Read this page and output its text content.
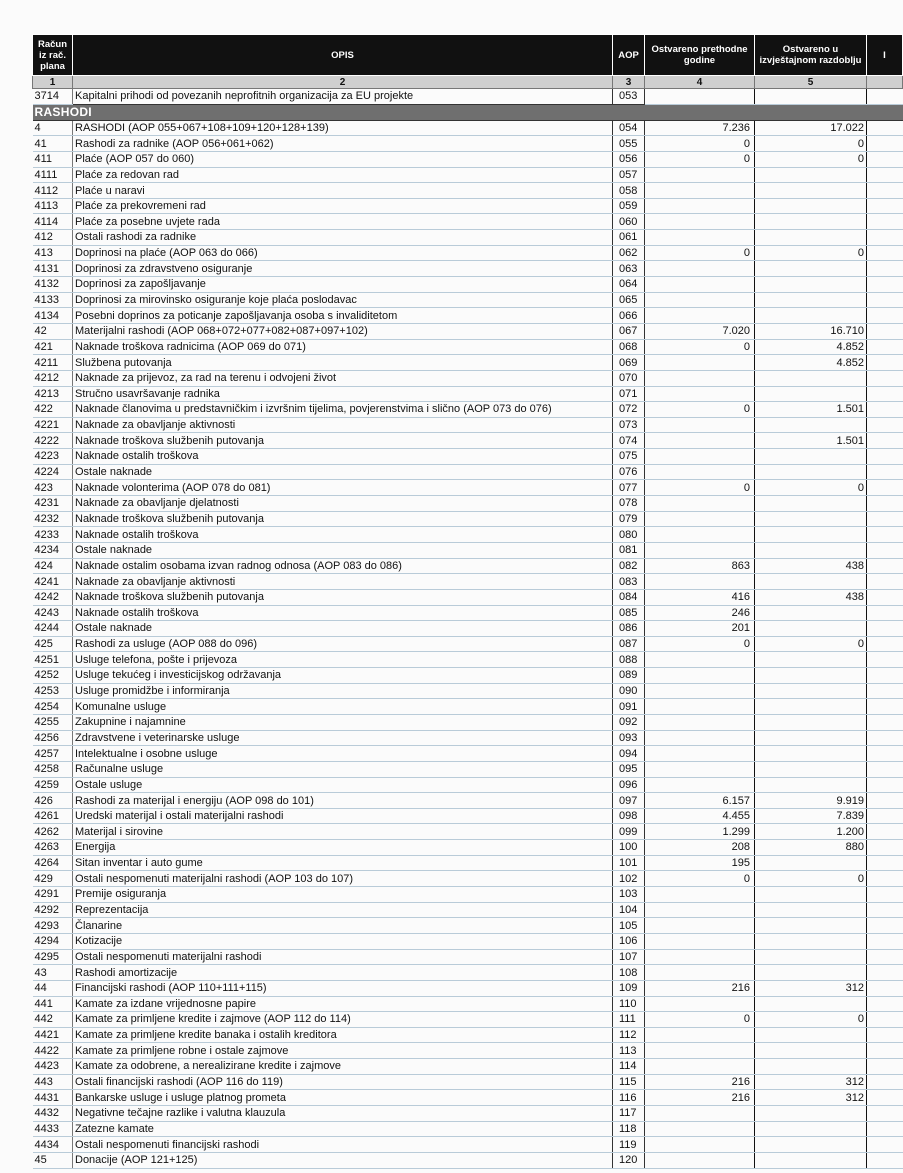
Račun iz rač. plana	OPIS	AOP	Ostvareno prethodne godine	Ostvareno u izvještajnom razdoblju	I
1	2	3	4	5	
3714	Kapitalni prihodi od povezanih neprofitnih organizacija za EU projekte	053			
RASHODI					
4	RASHODI (AOP 055+067+108+109+120+128+139)	054	7.236	17.022	
41	Rashodi za radnike (AOP 056+061+062)	055	0	0	
411	Plaće (AOP 057 do 060)	056	0	0	
4111	Plaće za redovan rad	057			
4112	Plaće u naravi	058			
4113	Plaće za prekovremeni rad	059			
4114	Plaće za posebne uvjete rada	060			
412	Ostali rashodi za radnike	061			
413	Doprinosi na plaće (AOP 063 do 066)	062	0	0	
4131	Doprinosi za zdravstveno osiguranje	063			
4132	Doprinosi za zapošljavanje	064			
4133	Doprinosi za mirovinsko osiguranje koje plaća poslodavac	065			
4134	Posebni doprinos za poticanje zapošljavanja osoba s invaliditetom	066			
42	Materijalni rashodi (AOP 068+072+077+082+087+097+102)	067	7.020	16.710	
421	Naknade troškova radnicima (AOP 069 do 071)	068	0	4.852	
4211	Službena putovanja	069		4.852	
4212	Naknade za prijevoz, za rad na terenu i odvojeni život	070			
4213	Stručno usavršavanje radnika	071			
422	Naknade članovima u predstavničkim i izvršnim tijelima, povjerenstvima i slično (AOP 073 do 076)	072	0	1.501	
4221	Naknade za obavljanje aktivnosti	073			
4222	Naknade troškova službenih putovanja	074		1.501	
4223	Naknade ostalih troškova	075			
4224	Ostale naknade	076			
423	Naknade volonterima (AOP 078 do 081)	077	0	0	
4231	Naknade za obavljanje djelatnosti	078			
4232	Naknade troškova službenih putovanja	079			
4233	Naknade ostalih troškova	080			
4234	Ostale naknade	081			
424	Naknade ostalim osobama izvan radnog odnosa (AOP 083 do 086)	082	863	438	
4241	Naknade za obavljanje aktivnosti	083			
4242	Naknade troškova službenih putovanja	084	416	438	
4243	Naknade ostalih troškova	085	246		
4244	Ostale naknade	086	201		
425	Rashodi za usluge (AOP 088 do 096)	087	0	0	
4251	Usluge telefona, pošte i prijevoza	088			
4252	Usluge tekućeg i investicijskog održavanja	089			
4253	Usluge promidžbe i informiranja	090			
4254	Komunalne usluge	091			
4255	Zakupnine i najamnine	092			
4256	Zdravstvene i veterinarske usluge	093			
4257	Intelektualne i osobne usluge	094			
4258	Računalne usluge	095			
4259	Ostale usluge	096			
426	Rashodi za materijal i energiju (AOP 098 do 101)	097	6.157	9.919	
4261	Uredski materijal i ostali materijalni rashodi	098	4.455	7.839	
4262	Materijal i sirovine	099	1.299	1.200	
4263	Energija	100	208	880	
4264	Sitan inventar i auto gume	101	195		
429	Ostali nespomenuti materijalni rashodi (AOP 103 do 107)	102	0	0	
4291	Premije osiguranja	103			
4292	Reprezentacija	104			
4293	Članarine	105			
4294	Kotizacije	106			
4295	Ostali nespomenuti materijalni rashodi	107			
43	Rashodi amortizacije	108			
44	Financijski rashodi (AOP 110+111+115)	109	216	312	
441	Kamate za izdane vrijednosne papire	110			
442	Kamate za primljene kredite i zajmove (AOP 112 do 114)	111	0	0	
4421	Kamate za primljene kredite banaka i ostalih kreditora	112			
4422	Kamate za primljene robne i ostale zajmove	113			
4423	Kamate za odobrene, a nerealizirane kredite i zajmove	114			
443	Ostali financijski rashodi (AOP 116 do 119)	115	216	312	
4431	Bankarske usluge i usluge platnog prometa	116	216	312	
4432	Negativne tečajne razlike i valutna klauzula	117			
4433	Zatezne kamate	118			
4434	Ostali nespomenuti financijski rashodi	119			
45	Donacije (AOP 121+125)	120			
